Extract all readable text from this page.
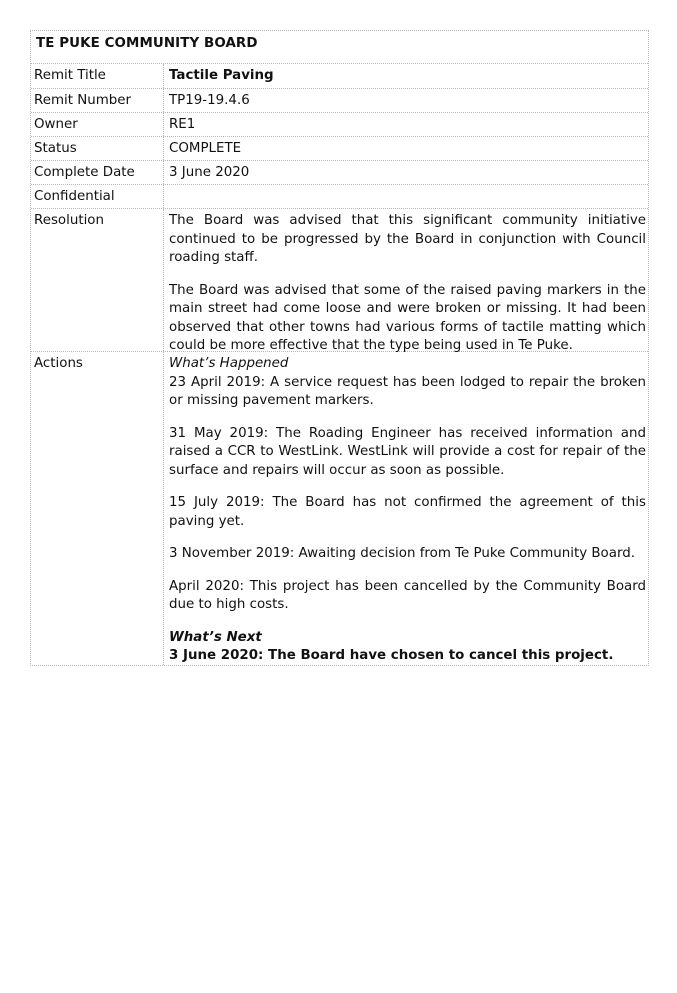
TE PUKE COMMUNITY BOARD
Remit Title	Tactile Paving
Remit Number	TP19-19.4.6
Owner	RE1
Status	COMPLETE
Complete Date	3 June 2020
Confidential
Resolution	The Board was advised that this significant community initiative continued to be progressed by the Board in conjunction with Council roading staff.

The Board was advised that some of the raised paving markers in the main street had come loose and were broken or missing. It had been observed that other towns had various forms of tactile matting which could be more effective that the type being used in Te Puke.

Actions	What’s Happened

23 April 2019: A service request has been lodged to repair the broken or missing pavement markers.

31 May 2019: The Roading Engineer has received information and raised a CCR to WestLink. WestLink will provide a cost for repair of the surface and repairs will occur as soon as possible.

15 July 2019: The Board has not confirmed the agreement of this paving yet.

3 November 2019: Awaiting decision from Te Puke Community Board.

April 2020: This project has been cancelled by the Community Board due to high costs.

What’s Next

3 June 2020: The Board have chosen to cancel this project.
